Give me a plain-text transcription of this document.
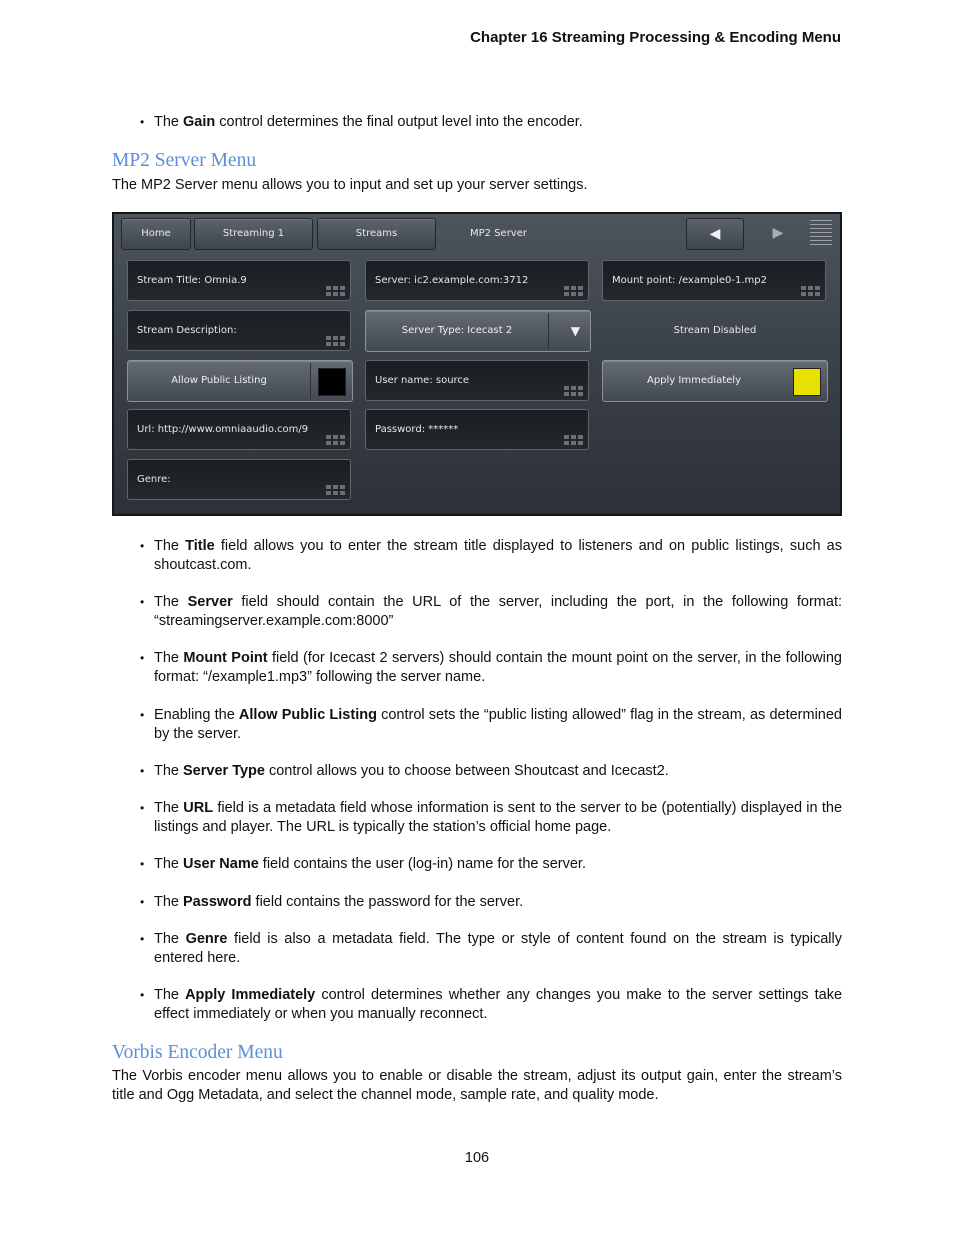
Chapter 16 Streaming Processing & Encoding Menu
• The Gain control determines the final output level into the encoder.
MP2 Server Menu
The MP2 Server menu allows you to input and set up your server settings.
Home	Streaming 1	Streams	MP2 Server	◀	▶
Stream Title: Omnia.9	Server: ic2.example.com:3712	Mount point: /example0-1.mp2
Stream Description:	Server Type: Icecast 2	▼	Stream Disabled
Allow Public Listing	User name: source	Apply Immediately
Url: http://www.omniaaudio.com/9	Password: ******
Genre:
• The Title field allows you to enter the stream title displayed to listeners and on public listings, such as shoutcast.com.
• The Server field should contain the URL of the server, including the port, in the following format: “streamingserver.example.com:8000”
• The Mount Point field (for Icecast 2 servers) should contain the mount point on the server, in the following format: “/example1.mp3” following the server name.
• Enabling the Allow Public Listing control sets the “public listing allowed” flag in the stream, as determined by the server.
• The Server Type control allows you to choose between Shoutcast and Icecast2.
• The URL field is a metadata field whose information is sent to the server to be (potentially) displayed in the listings and player. The URL is typically the station’s official home page.
• The User Name field contains the user (log-in) name for the server.
• The Password field contains the password for the server.
• The Genre field is also a metadata field. The type or style of content found on the stream is typically entered here.
• The Apply Immediately control determines whether any changes you make to the server settings take effect immediately or when you manually reconnect.
Vorbis Encoder Menu
The Vorbis encoder menu allows you to enable or disable the stream, adjust its output gain, enter the stream’s title and Ogg Metadata, and select the channel mode, sample rate, and quality mode.
106
